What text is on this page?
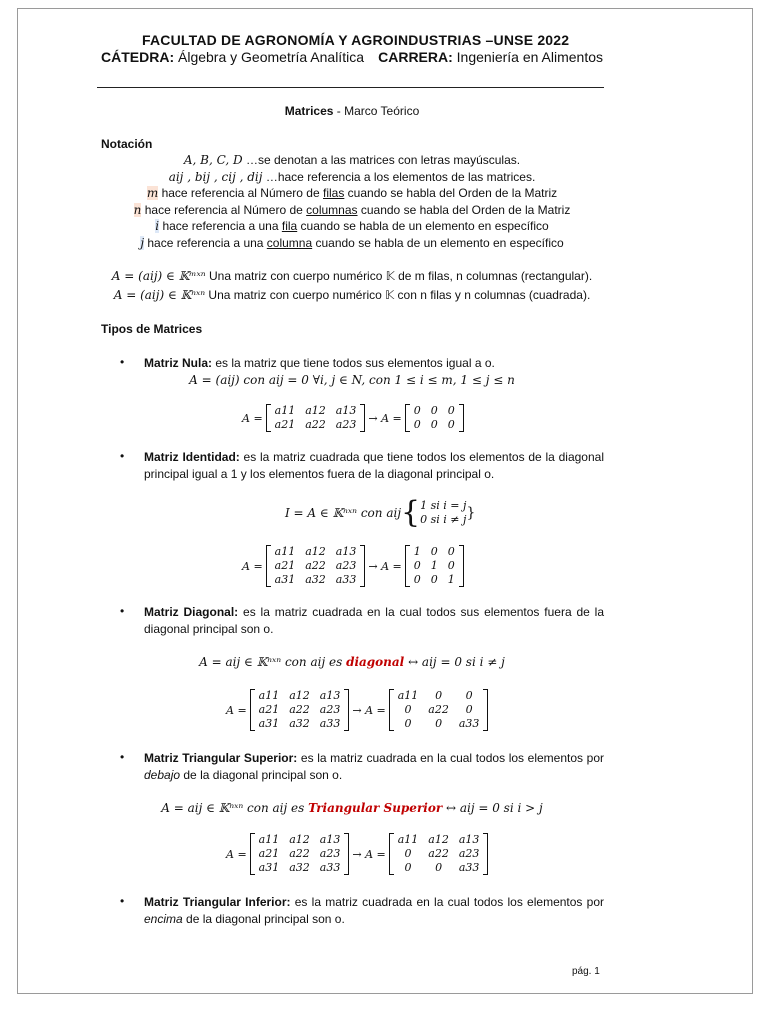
FACULTAD DE AGRONOMÍA Y AGROINDUSTRIAS –UNSE 2022
CÁTEDRA: Álgebra y Geometría Analítica CARRERA: Ingeniería en Alimentos
Matrices - Marco Teórico
Notación
A, B, C, D …se denotan a las matrices con letras mayúsculas.
aij , bij , cij , dij …hace referencia a los elementos de las matrices.
m hace referencia al Número de filas cuando se habla del Orden de la Matriz
n hace referencia al Número de columnas cuando se habla del Orden de la Matriz
i hace referencia a una fila cuando se habla de un elemento en específico
j hace referencia a una columna cuando se habla de un elemento en específico
A = (aij) ∈ 𝕂ᵐˣⁿ Una matriz con cuerpo numérico 𝕂 de m filas, n columnas (rectangular).
A = (aij) ∈ 𝕂ⁿˣⁿ Una matriz con cuerpo numérico 𝕂 con n filas y n columnas (cuadrada).
Tipos de Matrices
• Matriz Nula: es la matriz que tiene todos sus elementos igual a o.
A = (aij) con aij = 0 ∀i, j ∈ N, con 1 ≤ i ≤ m, 1 ≤ j ≤ n
A =
a11 a12 a13
a21 a22 a23	→ A =
0 0 0
0 0 0
• Matriz Identidad: es la matriz cuadrada que tiene todos los elementos de la diagonal principal igual a 1 y los elementos fuera de la diagonal principal o.
I = A ∈ 𝕂ⁿˣⁿ con aij { 1 si i = j
0 si i ≠ j }
A =
a11 a12 a13
a21 a22 a23
a31 a32 a33
→ A =
1 0 0
0 1 0
0 0 1
• Matriz Diagonal: es la matriz cuadrada en la cual todos sus elementos fuera de la diagonal principal son o.
A = aij ∈ 𝕂ⁿˣⁿ con aij es diagonal ↔ aij = 0 si i ≠ j
A =
a11 a12 a13
a21 a22 a23
a31 a32 a33
→ A =
a11	0	0
0	a22	0
0	0	a33
• Matriz Triangular Superior: es la matriz cuadrada en la cual todos los elementos por debajo de la diagonal principal son o.
A = aij ∈ 𝕂ⁿˣⁿ con aij es Triangular Superior ↔ aij = 0 si i > j
A =
a11 a12 a13
a21 a22 a23
a31 a32 a33
→ A =
a11 a12 a13
0	a22 a23
0	0	a33
• Matriz Triangular Inferior: es la matriz cuadrada en la cual todos los elementos por encima de la diagonal principal son o.
pág. 1
